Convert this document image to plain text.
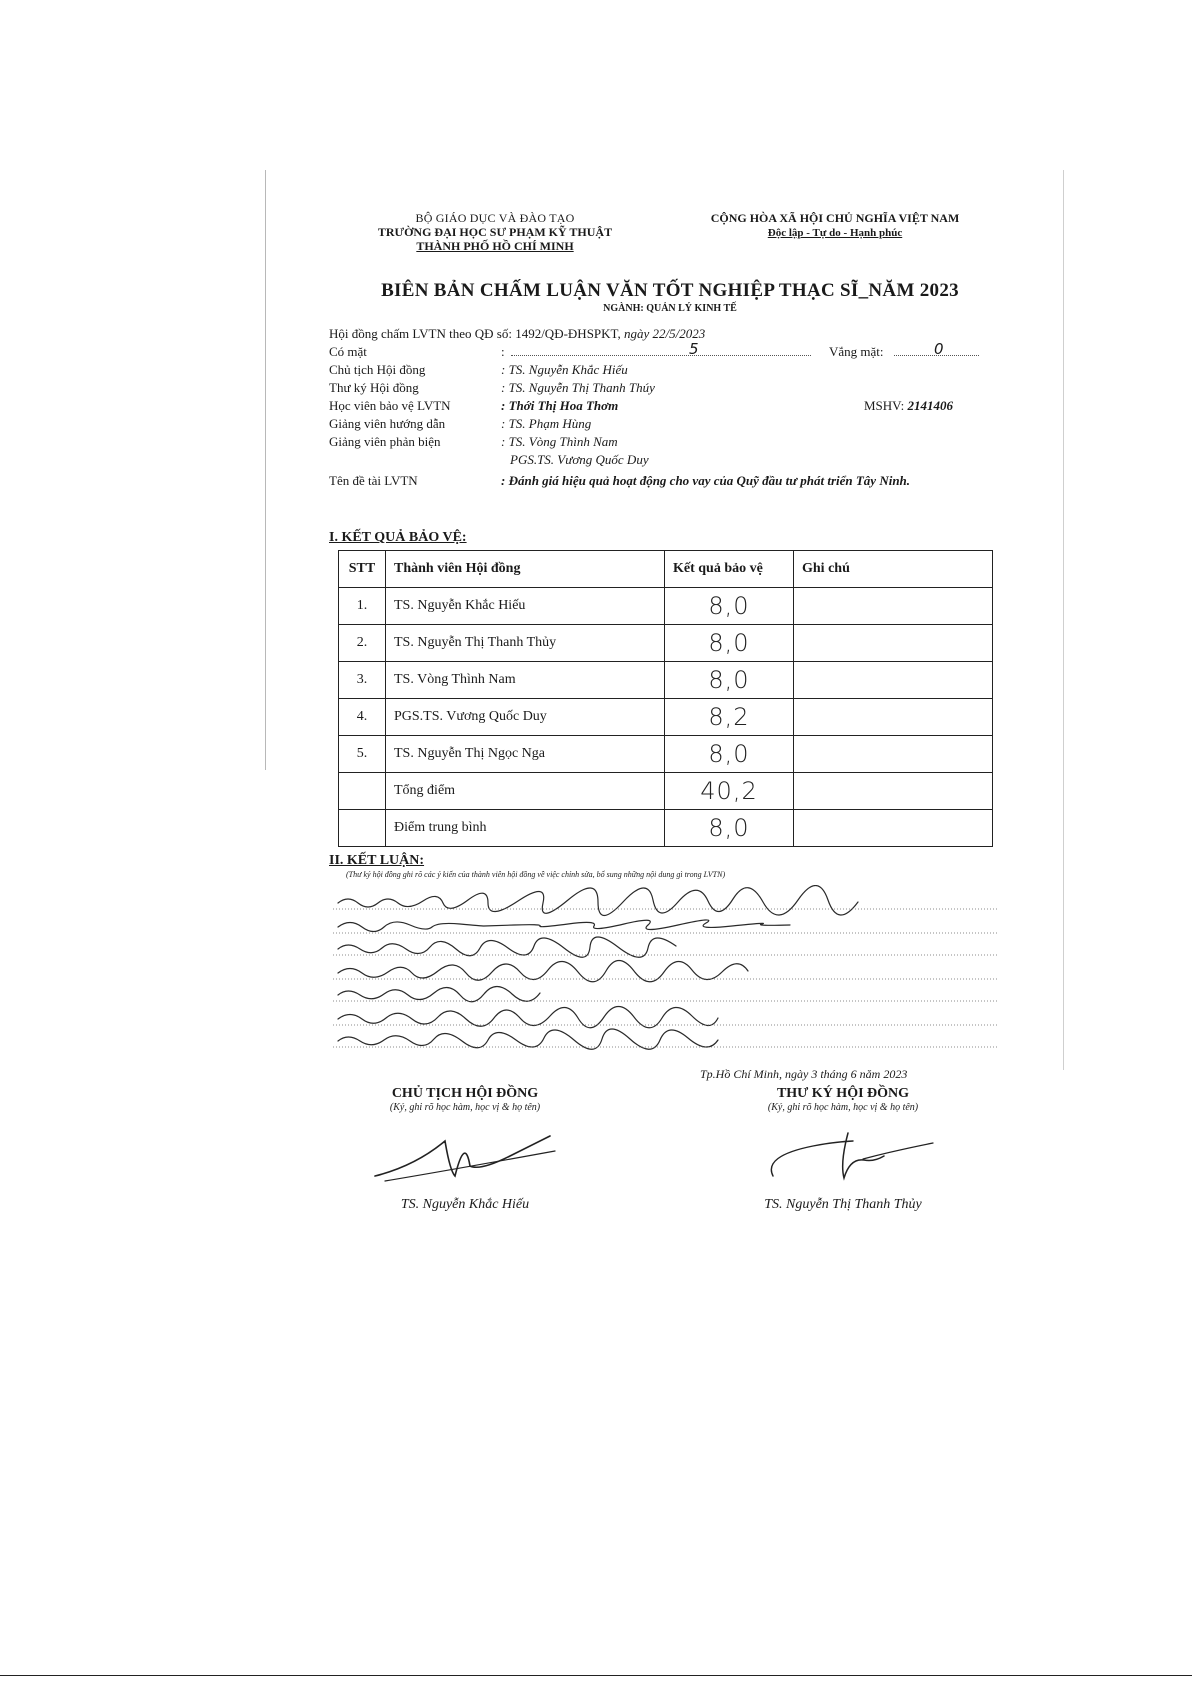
BỘ GIÁO DỤC VÀ ĐÀO TẠO
TRƯỜNG ĐẠI HỌC SƯ PHẠM KỸ THUẬT
THÀNH PHỐ HỒ CHÍ MINH
CỘNG HÒA XÃ HỘI CHỦ NGHĨA VIỆT NAM
Độc lập - Tự do - Hạnh phúc
BIÊN BẢN CHẤM LUẬN VĂN TỐT NGHIỆP THẠC SĨ_NĂM 2023
NGÀNH: QUẢN LÝ KINH TẾ
Hội đồng chấm LVTN theo QĐ số: 1492/QĐ-ĐHSPKT, ngày 22/5/2023
Có mặt	:	5	Vắng mặt:	0
Chủ tịch Hội đồng	: TS. Nguyễn Khắc Hiếu
Thư ký Hội đồng	: TS. Nguyễn Thị Thanh Thúy
Học viên bảo vệ LVTN	: Thới Thị Hoa Thơm	MSHV: 2141406
Giảng viên hướng dẫn	: TS. Phạm Hùng
Giảng viên phản biện	: TS. Vòng Thình Nam
PGS.TS. Vương Quốc Duy
Tên đề tài LVTN	: Đánh giá hiệu quả hoạt động cho vay của Quỹ đầu tư phát triển Tây Ninh.
I. KẾT QUẢ BẢO VỆ:
STT	Thành viên Hội đồng	Kết quả bảo vệ	Ghi chú
1.	TS. Nguyễn Khắc Hiếu	8,0	
2.	TS. Nguyễn Thị Thanh Thủy	8,0	
3.	TS. Vòng Thình Nam	8,0	
4.	PGS.TS. Vương Quốc Duy	8,2	
5.	TS. Nguyễn Thị Ngọc Nga	8,0	
	Tổng điểm	40,2	
	Điểm trung bình	8,0	
II. KẾT LUẬN:
(Thư ký hội đồng ghi rõ các ý kiến của thành viên hội đồng về việc chỉnh sửa, bổ sung những nội dung gì trong LVTN)
Tp.Hồ Chí Minh, ngày 3 tháng 6 năm 2023
CHỦ TỊCH HỘI ĐỒNG
(Ký, ghi rõ học hàm, học vị & họ tên)
TS. Nguyễn Khắc Hiếu
THƯ KÝ HỘI ĐỒNG
(Ký, ghi rõ học hàm, học vị & họ tên)
TS. Nguyễn Thị Thanh Thủy
